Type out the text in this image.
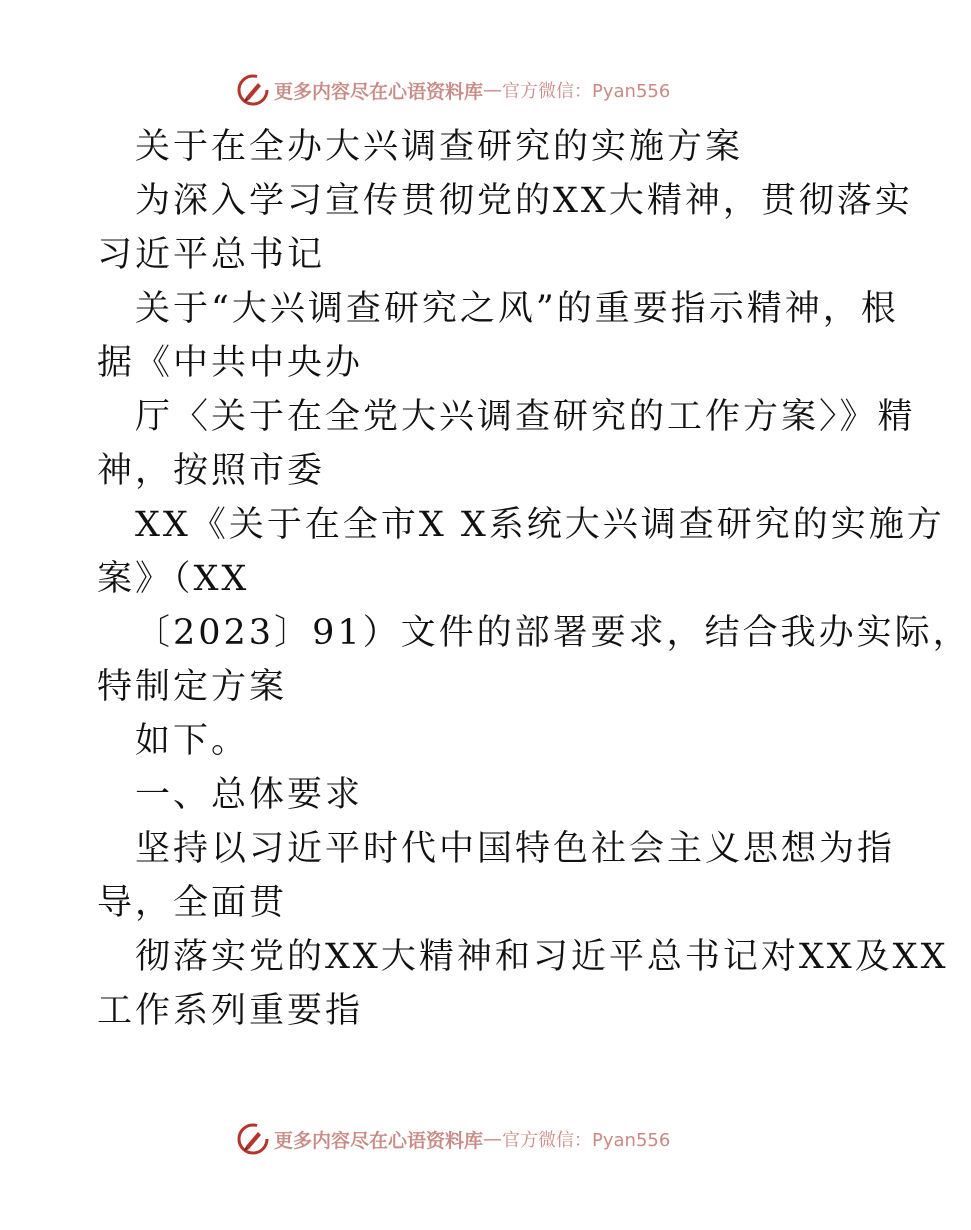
更多内容尽在心语资料库 — 官方微信：Pyan556
关于在全办大兴调查研究的实施方案
为深入学习宣传贯彻党的XX大精神，贯彻落实
习近平总书记
关于“大兴调查研究之风”的重要指示精神，根
据《中共中央办
厅〈关于在全党大兴调查研究的工作方案〉》精
神，按照市委
XX《关于在全市X X系统大兴调查研究的实施方
案》（XX
〔2023〕91）文件的部署要求，结合我办实际，
特制定方案
如下。
一、总体要求
坚持以习近平时代中国特色社会主义思想为指
导，全面贯
彻落实党的XX大精神和习近平总书记对XX及XX
工作系列重要指
更多内容尽在心语资料库 — 官方微信：Pyan556
